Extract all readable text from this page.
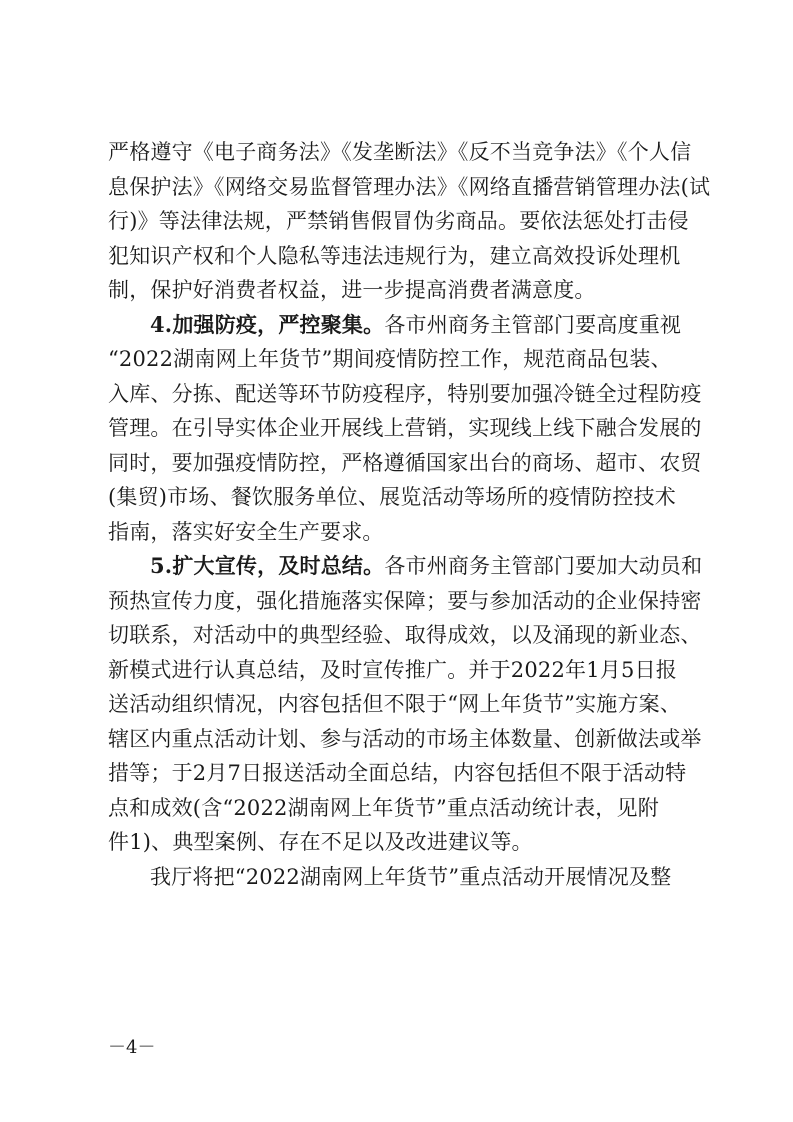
严格遵守《电子商务法》《发垄断法》《反不当竞争法》《个人信
息保护法》《网络交易监督管理办法》《网络直播营销管理办法(试
行)》等法律法规，严禁销售假冒伪劣商品。要依法惩处打击侵
犯知识产权和个人隐私等违法违规行为，建立高效投诉处理机
制，保护好消费者权益，进一步提高消费者满意度。
4.加强防疫，严控聚集。各市州商务主管部门要高度重视
“2022湖南网上年货节”期间疫情防控工作，规范商品包装、
入库、分拣、配送等环节防疫程序，特别要加强冷链全过程防疫
管理。在引导实体企业开展线上营销，实现线上线下融合发展的
同时，要加强疫情防控，严格遵循国家出台的商场、超市、农贸
(集贸)市场、餐饮服务单位、展览活动等场所的疫情防控技术
指南，落实好安全生产要求。
5.扩大宣传，及时总结。各市州商务主管部门要加大动员和
预热宣传力度，强化措施落实保障；要与参加活动的企业保持密
切联系，对活动中的典型经验、取得成效，以及涌现的新业态、
新模式进行认真总结，及时宣传推广。并于2022年1月5日报
送活动组织情况，内容包括但不限于“网上年货节”实施方案、
辖区内重点活动计划、参与活动的市场主体数量、创新做法或举
措等；于2月7日报送活动全面总结，内容包括但不限于活动特
点和成效(含“2022湖南网上年货节”重点活动统计表，见附
件1)、典型案例、存在不足以及改进建议等。
我厅将把“2022湖南网上年货节”重点活动开展情况及整
－4－
